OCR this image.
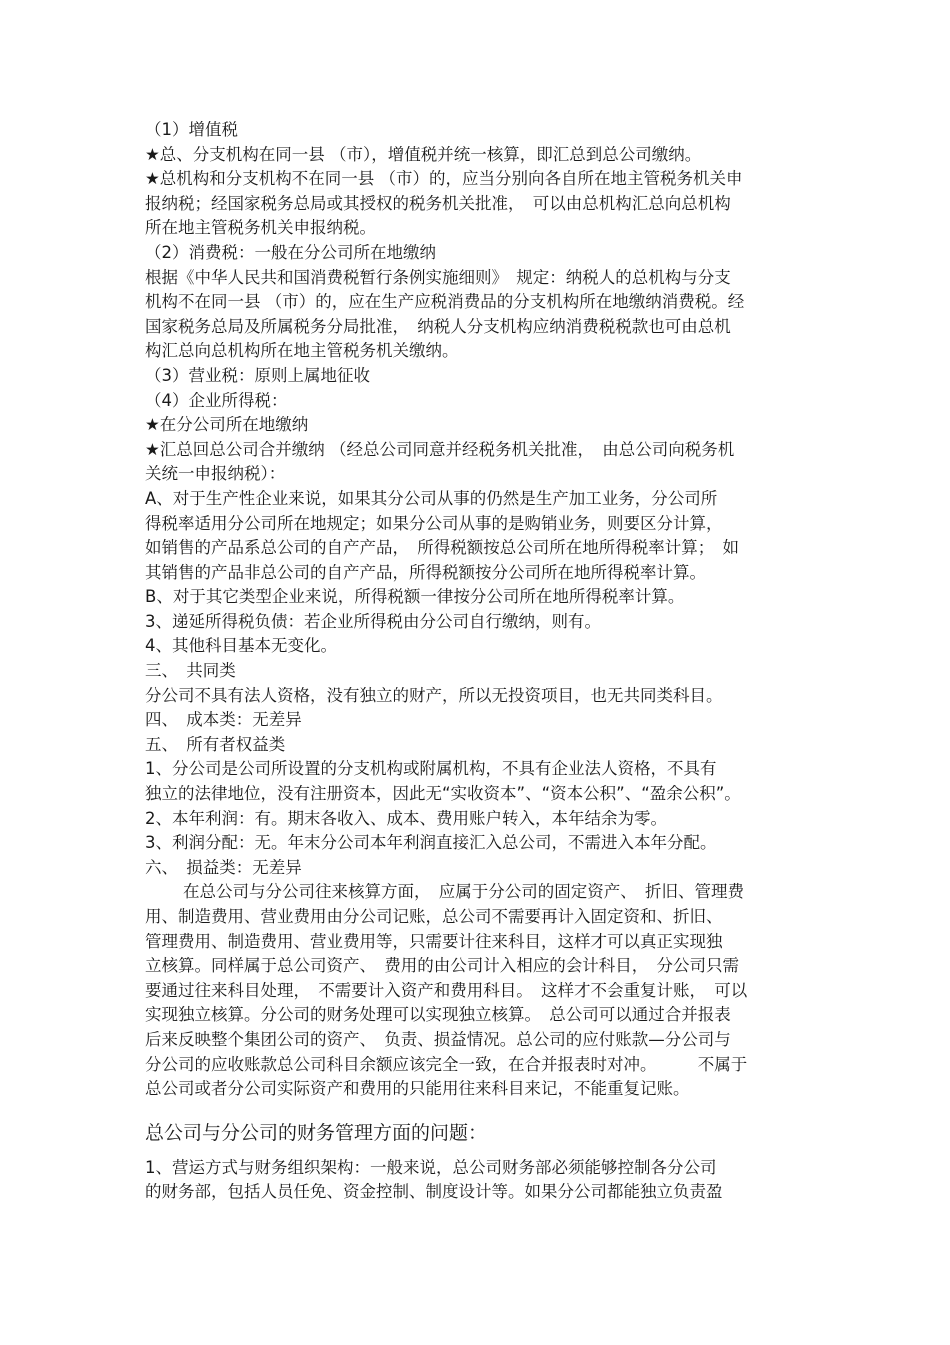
（1）增值税
★总、分支机构在同一县 （市），增值税并统一核算，即汇总到总公司缴纳。
★总机构和分支机构不在同一县 （市）的，应当分别向各自所在地主管税务机关申
报纳税；经国家税务总局或其授权的税务机关批准，　可以由总机构汇总向总机构
所在地主管税务机关申报纳税。
（2）消费税：一般在分公司所在地缴纳
根据《中华人民共和国消费税暂行条例实施细则》　规定：纳税人的总机构与分支
机构不在同一县 （市）的，应在生产应税消费品的分支机构所在地缴纳消费税。经
国家税务总局及所属税务分局批准，　纳税人分支机构应纳消费税税款也可由总机
构汇总向总机构所在地主管税务机关缴纳。
（3）营业税：原则上属地征收
（4）企业所得税：
★在分公司所在地缴纳
★汇总回总公司合并缴纳 （经总公司同意并经税务机关批准，　由总公司向税务机
关统一申报纳税）：
A、对于生产性企业来说，如果其分公司从事的仍然是生产加工业务，分公司所
得税率适用分公司所在地规定；如果分公司从事的是购销业务，则要区分计算，
如销售的产品系总公司的自产产品，　所得税额按总公司所在地所得税率计算；　如
其销售的产品非总公司的自产产品，所得税额按分公司所在地所得税率计算。
B、对于其它类型企业来说，所得税额一律按分公司所在地所得税率计算。
3、递延所得税负债：若企业所得税由分公司自行缴纳，则有。
4、其他科目基本无变化。
三、　共同类
分公司不具有法人资格，没有独立的财产，所以无投资项目，也无共同类科目。
四、　成本类：无差异
五、　所有者权益类
1、分公司是公司所设置的分支机构或附属机构，不具有企业法人资格，不具有
独立的法律地位，没有注册资本，因此无“实收资本”、“资本公积”、“盈余公积”。
2、本年利润：有。期末各收入、成本、费用账户转入，本年结余为零。
3、利润分配：无。年末分公司本年利润直接汇入总公司，不需进入本年分配。
六、　损益类：无差异
在总公司与分公司往来核算方面，　应属于分公司的固定资产、　折旧、管理费
用、制造费用、营业费用由分公司记账，总公司不需要再计入固定资和、折旧、
管理费用、制造费用、营业费用等，只需要计往来科目，这样才可以真正实现独
立核算。同样属于总公司资产、　费用的由公司计入相应的会计科目，　分公司只需
要通过往来科目处理，　不需要计入资产和费用科目。　这样才不会重复计账，　可以
实现独立核算。分公司的财务处理可以实现独立核算。　总公司可以通过合并报表
后来反映整个集团公司的资产、　负责、损益情况。总公司的应付账款—分公司与
分公司的应收账款总公司科目余额应该完全一致，在合并报表时对冲。　　　不属于
总公司或者分公司实际资产和费用的只能用往来科目来记，不能重复记账。
总公司与分公司的财务管理方面的问题：
1、营运方式与财务组织架构：一般来说，总公司财务部必须能够控制各分公司
的财务部，包括人员任免、资金控制、制度设计等。如果分公司都能独立负责盈
